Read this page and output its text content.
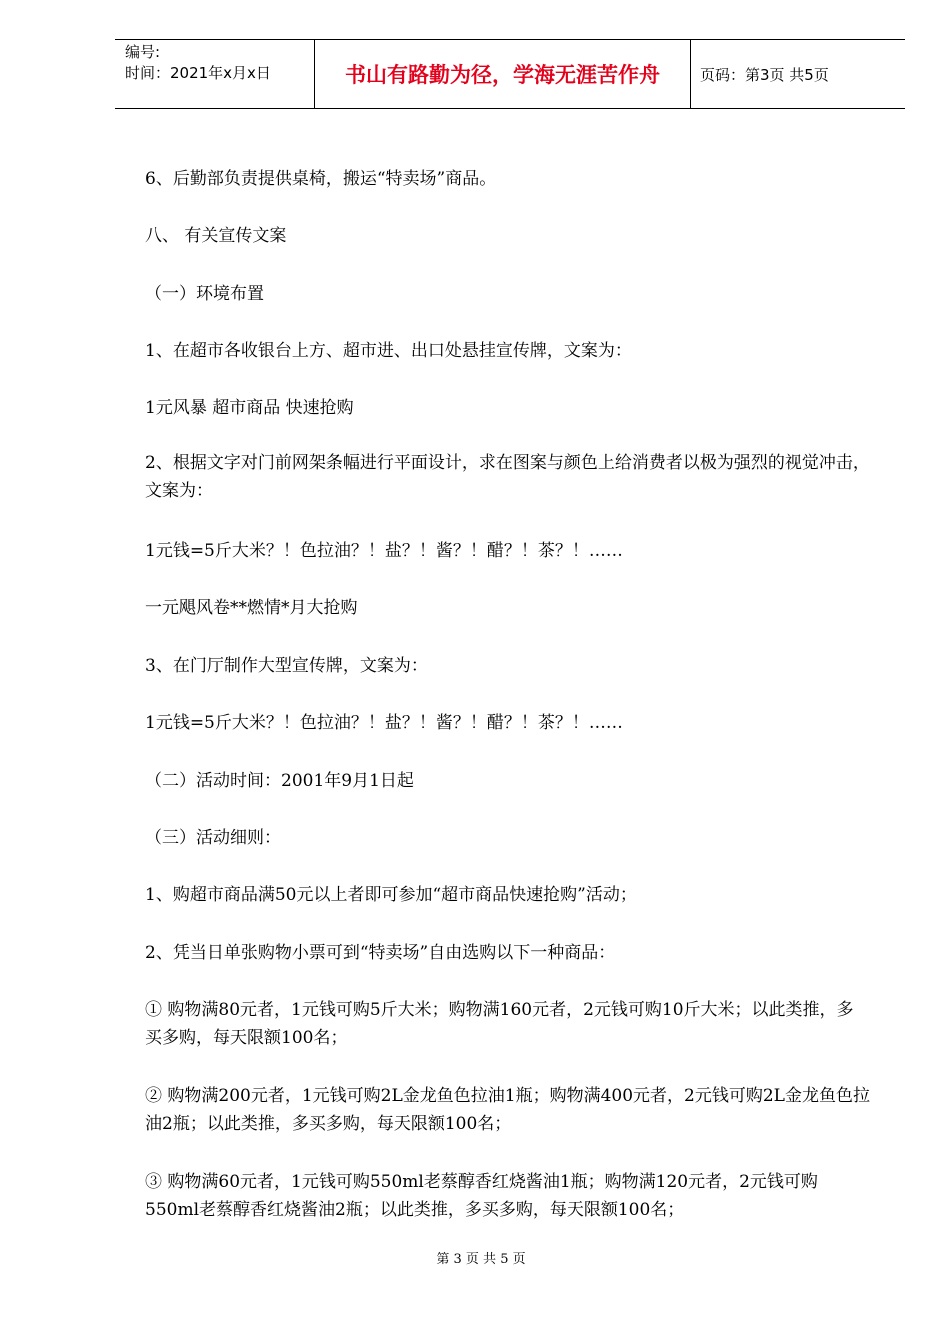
编号:
时间：2021年x月x日	书山有路勤为径，学海无涯苦作舟	页码：第3页 共5页
6、后勤部负责提供桌椅，搬运“特卖场”商品。
八、 有关宣传文案
（一）环境布置
1、在超市各收银台上方、超市进、出口处悬挂宣传牌，文案为：
1元风暴 超市商品 快速抢购
2、根据文字对门前网架条幅进行平面设计，求在图案与颜色上给消费者以极为强烈的视觉冲击，文案为：
1元钱=5斤大米？！色拉油？！盐？！酱？！醋？！茶？！……
一元飓风卷**燃情*月大抢购
3、在门厅制作大型宣传牌，文案为：
1元钱=5斤大米？！色拉油？！盐？！酱？！醋？！茶？！……
（二）活动时间：2001年9月1日起
（三）活动细则：
1、购超市商品满50元以上者即可参加“超市商品快速抢购”活动；
2、凭当日单张购物小票可到“特卖场”自由选购以下一种商品：
① 购物满80元者，1元钱可购5斤大米；购物满160元者，2元钱可购10斤大米；以此类推，多买多购，每天限额100名；
② 购物满200元者，1元钱可购2L金龙鱼色拉油1瓶；购物满400元者，2元钱可购2L金龙鱼色拉油2瓶；以此类推，多买多购，每天限额100名；
③ 购物满60元者，1元钱可购550ml老蔡醇香红烧酱油1瓶；购物满120元者，2元钱可购550ml老蔡醇香红烧酱油2瓶；以此类推，多买多购，每天限额100名；
第 3 页 共 5 页
